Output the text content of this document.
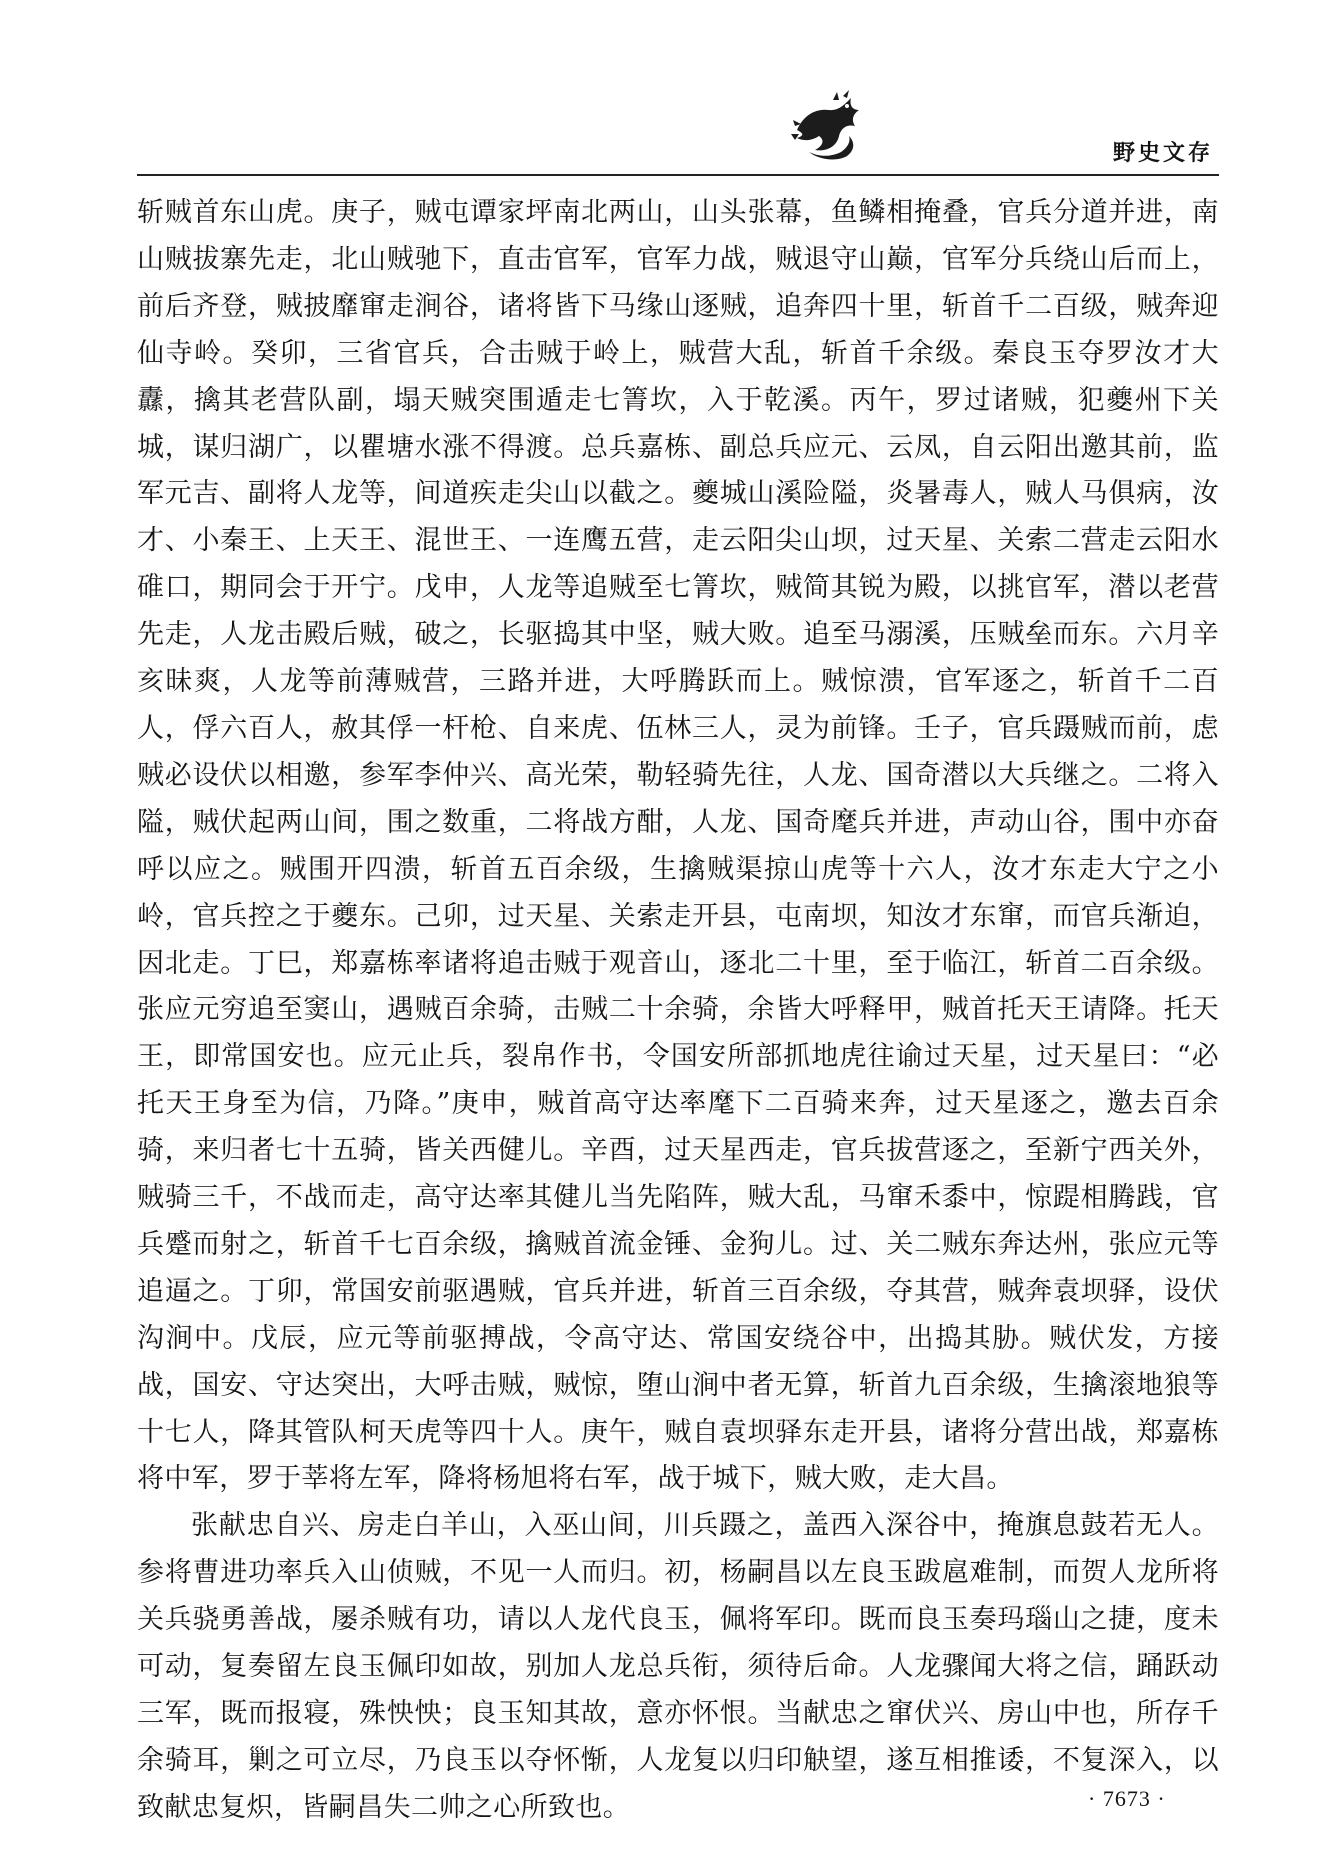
野史文存

斩贼首东山虎。庚子，贼屯谭家坪南北两山，山头张幕，鱼鳞相掩叠，官兵分道并进，南山贼拔寨先走，北山贼驰下，直击官军，官军力战，贼退守山巅，官军分兵绕山后而上，前后齐登，贼披靡窜走涧谷，诸将皆下马缘山逐贼，追奔四十里，斩首千二百级，贼奔迎仙寺岭。癸卯，三省官兵，合击贼于岭上，贼营大乱，斩首千余级。秦良玉夺罗汝才大纛，擒其老营队副，塌天贼突围遁走七箐坎，入于乾溪。丙午，罗过诸贼，犯夔州下关城，谋归湖广，以瞿塘水涨不得渡。总兵嘉栋、副总兵应元、云凤，自云阳出邀其前，监军元吉、副将人龙等，间道疾走尖山以截之。夔城山溪险隘，炎暑毒人，贼人马俱病，汝才、小秦王、上天王、混世王、一连鹰五营，走云阳尖山坝，过天星、关索二营走云阳水碓口，期同会于开宁。戊申，人龙等追贼至七箐坎，贼简其锐为殿，以挑官军，潜以老营先走，人龙击殿后贼，破之，长驱捣其中坚，贼大败。追至马溺溪，压贼垒而东。六月辛亥昧爽，人龙等前薄贼营，三路并进，大呼腾跃而上。贼惊溃，官军逐之，斩首千二百人，俘六百人，赦其俘一杆枪、自来虎、伍林三人，灵为前锋。壬子，官兵蹑贼而前，虑贼必设伏以相邀，参军李仲兴、高光荣，勒轻骑先往，人龙、国奇潜以大兵继之。二将入隘，贼伏起两山间，围之数重，二将战方酣，人龙、国奇麾兵并进，声动山谷，围中亦奋呼以应之。贼围开四溃，斩首五百余级，生擒贼渠掠山虎等十六人，汝才东走大宁之小岭，官兵控之于夔东。己卯，过天星、关索走开县，屯南坝，知汝才东窜，而官兵渐迫，因北走。丁巳，郑嘉栋率诸将追击贼于观音山，逐北二十里，至于临江，斩首二百余级。张应元穷追至窦山，遇贼百余骑，击贼二十余骑，余皆大呼释甲，贼首托天王请降。托天王，即常国安也。应元止兵，裂帛作书，令国安所部抓地虎往谕过天星，过天星曰：“必托天王身至为信，乃降。”庚申，贼首高守达率麾下二百骑来奔，过天星逐之，邀去百余骑，来归者七十五骑，皆关西健儿。辛酉，过天星西走，官兵拔营逐之，至新宁西关外，贼骑三千，不战而走，高守达率其健儿当先陷阵，贼大乱，马窜禾黍中，惊踶相腾践，官兵蹙而射之，斩首千七百余级，擒贼首流金锤、金狗儿。过、关二贼东奔达州，张应元等追逼之。丁卯，常国安前驱遇贼，官兵并进，斩首三百余级，夺其营，贼奔袁坝驿，设伏沟涧中。戊辰，应元等前驱搏战，令高守达、常国安绕谷中，出捣其胁。贼伏发，方接战，国安、守达突出，大呼击贼，贼惊，堕山涧中者无算，斩首九百余级，生擒滚地狼等十七人，降其管队柯天虎等四十人。庚午，贼自袁坝驿东走开县，诸将分营出战，郑嘉栋将中军，罗于莘将左军，降将杨旭将右军，战于城下，贼大败，走大昌。

张献忠自兴、房走白羊山，入巫山间，川兵蹑之，盖西入深谷中，掩旗息鼓若无人。参将曹进功率兵入山侦贼，不见一人而归。初，杨嗣昌以左良玉跋扈难制，而贺人龙所将关兵骁勇善战，屡杀贼有功，请以人龙代良玉，佩将军印。既而良玉奏玛瑙山之捷，度未可动，复奏留左良玉佩印如故，别加人龙总兵衔，须待后命。人龙骤闻大将之信，踊跃动三军，既而报寝，殊怏怏；良玉知其故，意亦怀恨。当献忠之窜伏兴、房山中也，所存千余骑耳，剿之可立尽，乃良玉以夺怀惭，人龙复以归印觖望，遂互相推诿，不复深入，以致献忠复炽，皆嗣昌失二帅之心所致也。	· 7673 ·
